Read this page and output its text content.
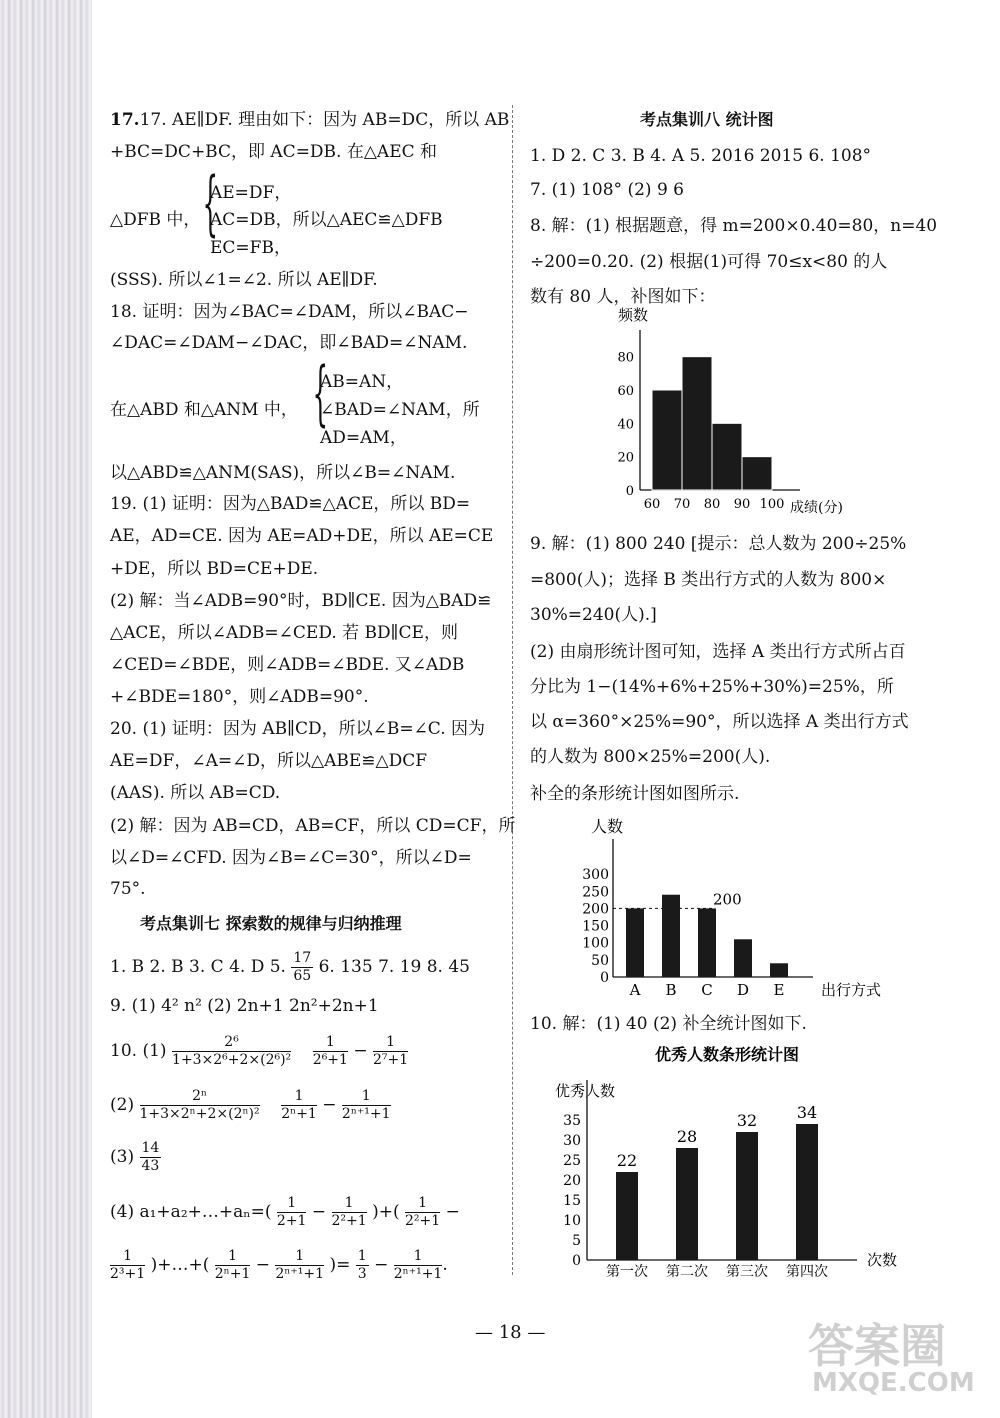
17.17. AE∥DF. 理由如下：因为 AB=DC，所以 AB
+BC=DC+BC，即 AC=DB. 在△AEC 和
AE=DF，
△DFB 中， {
AC=DB，所以△AEC≌△DFB
EC=FB，
(SSS). 所以∠1=∠2. 所以 AE∥DF.
18. 证明：因为∠BAC=∠DAM，所以∠BAC−
∠DAC=∠DAM−∠DAC，即∠BAD=∠NAM.
AB=AN，
在△ABD 和△ANM 中， {
∠BAD=∠NAM，所
AD=AM，
以△ABD≌△ANM(SAS)，所以∠B=∠NAM.
19. (1) 证明：因为△BAD≌△ACE，所以 BD=
AE，AD=CE. 因为 AE=AD+DE，所以 AE=CE
+DE，所以 BD=CE+DE.
(2) 解：当∠ADB=90°时，BD∥CE. 因为△BAD≌
△ACE，所以∠ADB=∠CED. 若 BD∥CE，则
∠CED=∠BDE，则∠ADB=∠BDE. 又∠ADB
+∠BDE=180°，则∠ADB=90°.
20. (1) 证明：因为 AB∥CD，所以∠B=∠C. 因为
AE=DF，∠A=∠D，所以△ABE≌△DCF
(AAS). 所以 AB=CD.
(2) 解：因为 AB=CD，AB=CF，所以 CD=CF，所
以∠D=∠CFD. 因为∠B=∠C=30°，所以∠D=
75°.
考点集训七 探索数的规律与归纳推理
1. B 2. B 3. C 4. D 5. $\frac{17}{65} 6$. 135 7. 19 8. 45
9. (1) 4² n² (2) 2n+1 2n²+2n+1
10. $(1) \frac{\text{2⁶}}{\text{1+3×2⁶+2×(2⁶)²}}$
$\frac{1}{\text{2⁶+1}} - \frac{1}{\text{2⁷+1}}$
$(2) \frac{\text{2ⁿ}}{\text{1+3×2ⁿ+2×(2ⁿ)²}}$
$\frac{1}{\text{2ⁿ+1}} - \frac{1}{\text{2ⁿ⁺¹+1}}$
$(3) \frac{14}{43}$
(4) a₁+a₂+…+aₙ=( $\frac{1}{2+1} - \frac{1}{\text{2²+1}}$ )+( $\frac{1}{\text{2²+1}}$ −
$\frac{1}{\text{2³+1}}$ )+…+( $\frac{1}{\text{2ⁿ+1}} - \frac{1}{\text{2ⁿ⁺¹+1}}$ )= $\frac{1}{3} - \frac{1}{\text{2ⁿ⁺¹+1}}$ .
考点集训八 统计图
1. D 2. C 3. B 4. A 5. 2016 2015 6. 108°
7. (1) 108° (2) 9 6
8. 解：(1) 根据题意，得 m=200×0.40=80，n=40
÷200=0.20. (2) 根据(1)可得 70≤x<80 的人
数有 80 人，补图如下：
9. 解：(1) 800 240 [提示：总人数为 200÷25%
=800(人)；选择 B 类出行方式的人数为 800×
30%=240(人).]
(2) 由扇形统计图可知，选择 A 类出行方式所占百
分比为 1−(14%+6%+25%+30%)=25%，所
以 α=360°×25%=90°，所以选择 A 类出行方式
的人数为 800×25%=200(人).
补全的条形统计图如图所示.
10. 解：(1) 40 (2) 补全统计图如下.
频数
成绩(分)
0
20
40
60
80
60 70 80 90 100
人数
出行方式
0
50
100
150
200
250
300
A B C D E
200
优秀人数条形统计图
优秀人数
次数
0
5
10
15
20
25
30
35
22
第一次
28
第二次
32
第三次
34
第四次
— 18 —	答案圈
MXQE.COM
